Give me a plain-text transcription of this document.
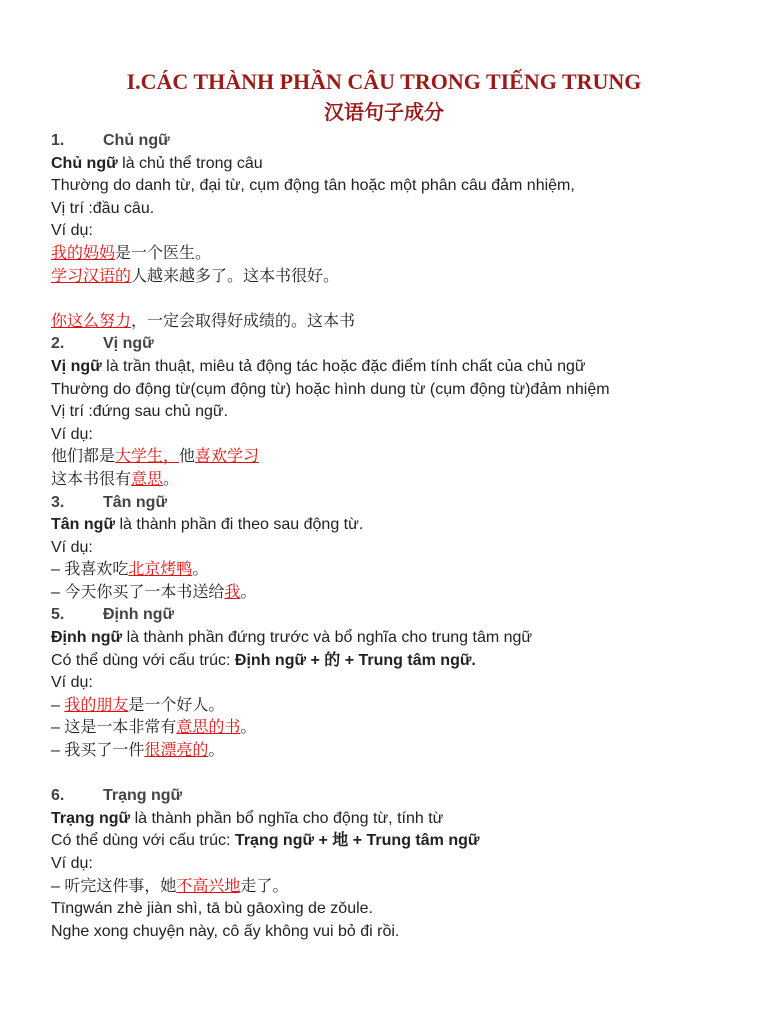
I.CÁC THÀNH PHẦN CÂU TRONG TIẾNG TRUNG
汉语句子成分
1. Chủ ngữ
Chủ ngữ là chủ thể trong câu
Thường do danh từ, đại từ, cụm động tân hoặc một phân câu đảm nhiệm,
Vị trí :đầu câu.
Ví dụ:
我的妈妈是一个医生。
学习汉语的人越来越多了。这本书很好。
你这么努力，一定会取得好成绩的。这本书
2. Vị ngữ
Vị ngữ là trần thuật, miêu tả động tác hoặc đặc điểm tính chất của chủ ngữ
Thường do động từ(cụm động từ) hoặc hình dung từ (cụm động từ)đảm nhiệm
Vị trí :đứng sau chủ ngữ.
Ví dụ:
他们都是大学生，他喜欢学习
这本书很有意思。
3. Tân ngữ
Tân ngữ là thành phần đi theo sau động từ.
Ví dụ:
– 我喜欢吃北京烤鸭。
– 今天你买了一本书送给我。
5. Định ngữ
Định ngữ là thành phần đứng trước và bổ nghĩa cho trung tâm ngữ
Có thể dùng với cấu trúc: Định ngữ + 的 + Trung tâm ngữ.
Ví dụ:
– 我的朋友是一个好人。
– 这是一本非常有意思的书。
– 我买了一件很漂亮的。
6. Trạng ngữ
Trạng ngữ là thành phần bổ nghĩa cho động từ, tính từ
Có thể dùng với cấu trúc: Trạng ngữ + 地 + Trung tâm ngữ
Ví dụ:
– 听完这件事，她不高兴地走了。
Tīngwán zhè jiàn shì, tā bù gāoxìng de zǒule.
Nghe xong chuyện này, cô ấy không vui bỏ đi rồi.
